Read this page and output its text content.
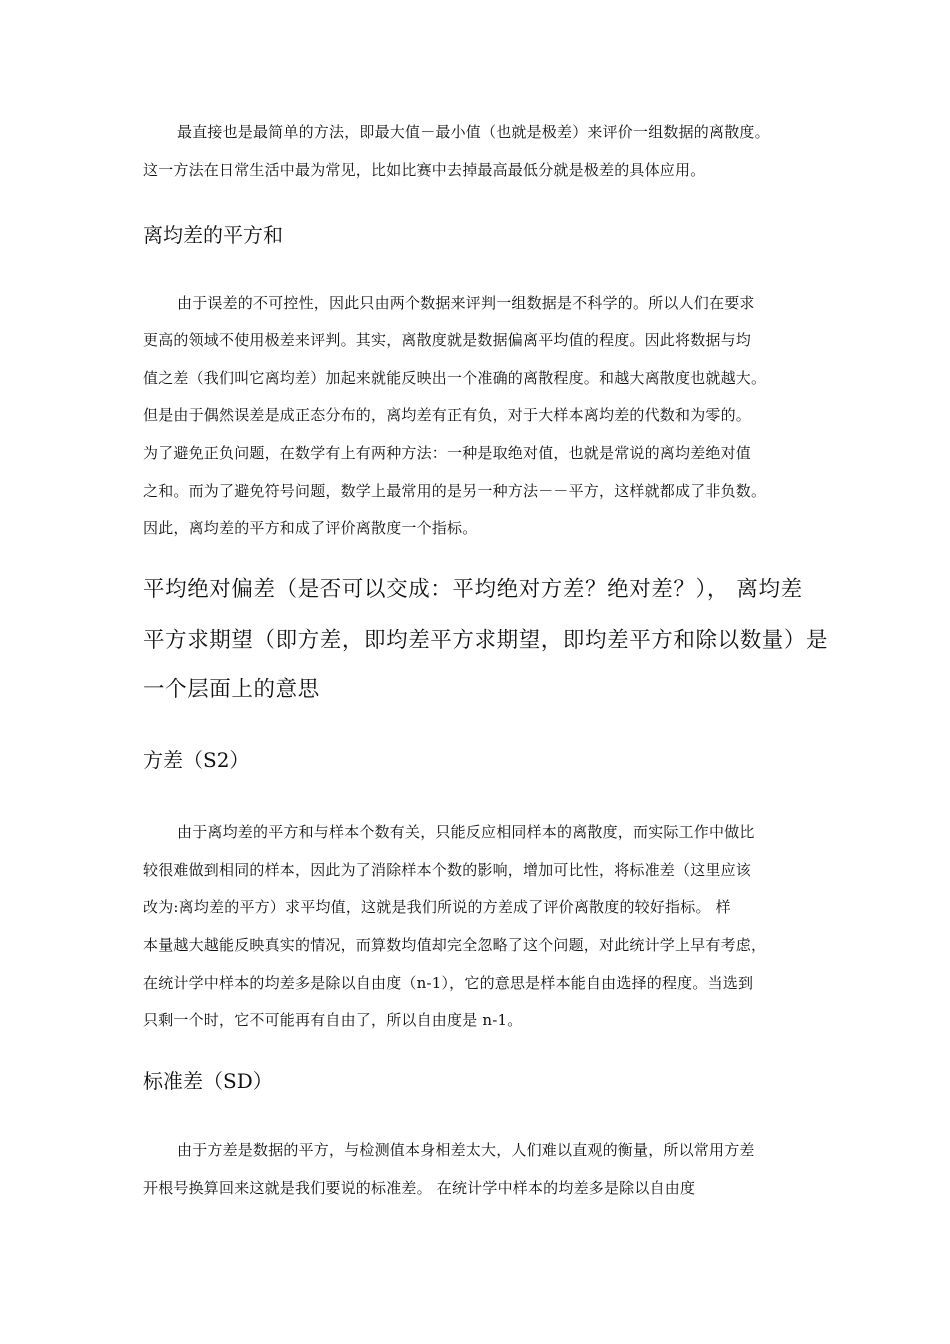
最直接也是最简单的方法，即最大值－最小值（也就是极差）来评价一组数据的离散度。
这一方法在日常生活中最为常见，比如比赛中去掉最高最低分就是极差的具体应用。
离均差的平方和
由于误差的不可控性，因此只由两个数据来评判一组数据是不科学的。所以人们在要求
更高的领域不使用极差来评判。其实，离散度就是数据偏离平均值的程度。因此将数据与均
值之差（我们叫它离均差）加起来就能反映出一个准确的离散程度。和越大离散度也就越大。
但是由于偶然误差是成正态分布的，离均差有正有负，对于大样本离均差的代数和为零的。
为了避免正负问题，在数学有上有两种方法：一种是取绝对值，也就是常说的离均差绝对值
之和。而为了避免符号问题，数学上最常用的是另一种方法－－平方，这样就都成了非负数。
因此，离均差的平方和成了评价离散度一个指标。
平均绝对偏差（是否可以交成：平均绝对方差？绝对差？）， 离均差
平方求期望（即方差，即均差平方求期望，即均差平方和除以数量）是
一个层面上的意思
方差（S2）
由于离均差的平方和与样本个数有关，只能反应相同样本的离散度，而实际工作中做比
较很难做到相同的样本，因此为了消除样本个数的影响，增加可比性，将标准差（这里应该
改为:离均差的平方）求平均值，这就是我们所说的方差成了评价离散度的较好指标。 样
本量越大越能反映真实的情况，而算数均值却完全忽略了这个问题，对此统计学上早有考虑，
在统计学中样本的均差多是除以自由度（n-1），它的意思是样本能自由选择的程度。当选到
只剩一个时，它不可能再有自由了，所以自由度是 n-1。
标准差（SD）
由于方差是数据的平方，与检测值本身相差太大，人们难以直观的衡量，所以常用方差
开根号换算回来这就是我们要说的标准差。 在统计学中样本的均差多是除以自由度
